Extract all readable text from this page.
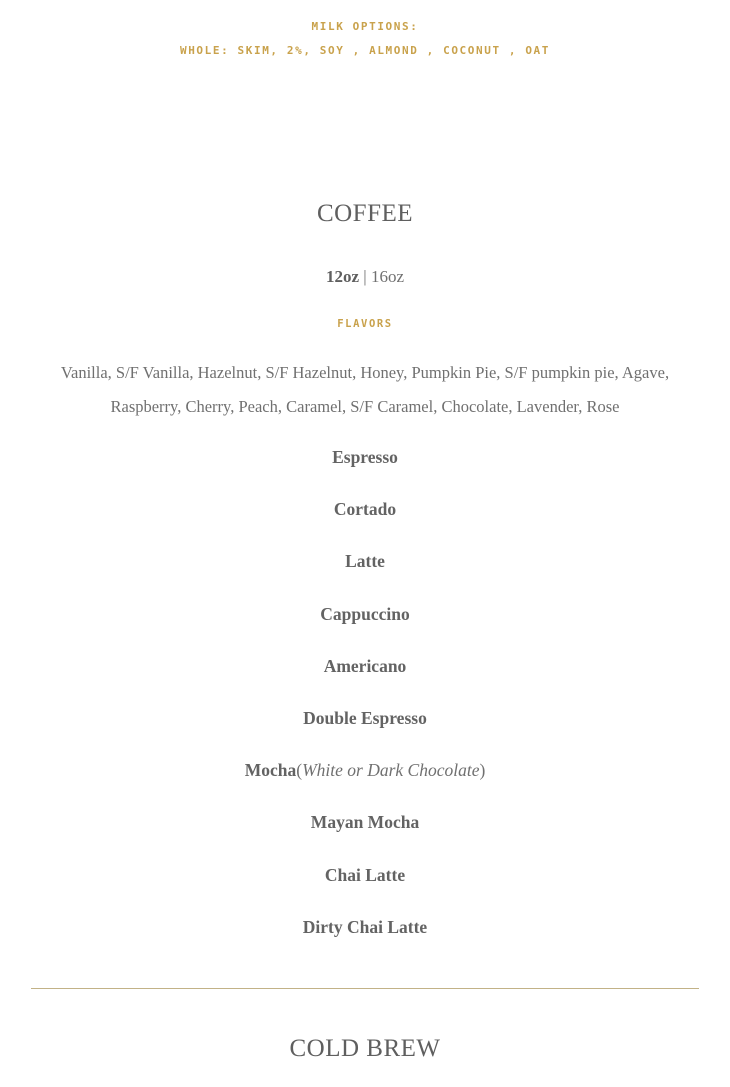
MILK OPTIONS:
WHOLE: SKIM, 2%, SOY , ALMOND , COCONUT , OAT
COFFEE
12oz | 16oz
FLAVORS
Vanilla, S/F Vanilla, Hazelnut, S/F Hazelnut, Honey, Pumpkin Pie, S/F pumpkin pie, Agave, Raspberry, Cherry, Peach, Caramel, S/F Caramel, Chocolate, Lavender, Rose
Espresso
Cortado
Latte
Cappuccino
Americano
Double Espresso
Mocha(White or Dark Chocolate)
Mayan Mocha
Chai Latte
Dirty Chai Latte
COLD BREW
